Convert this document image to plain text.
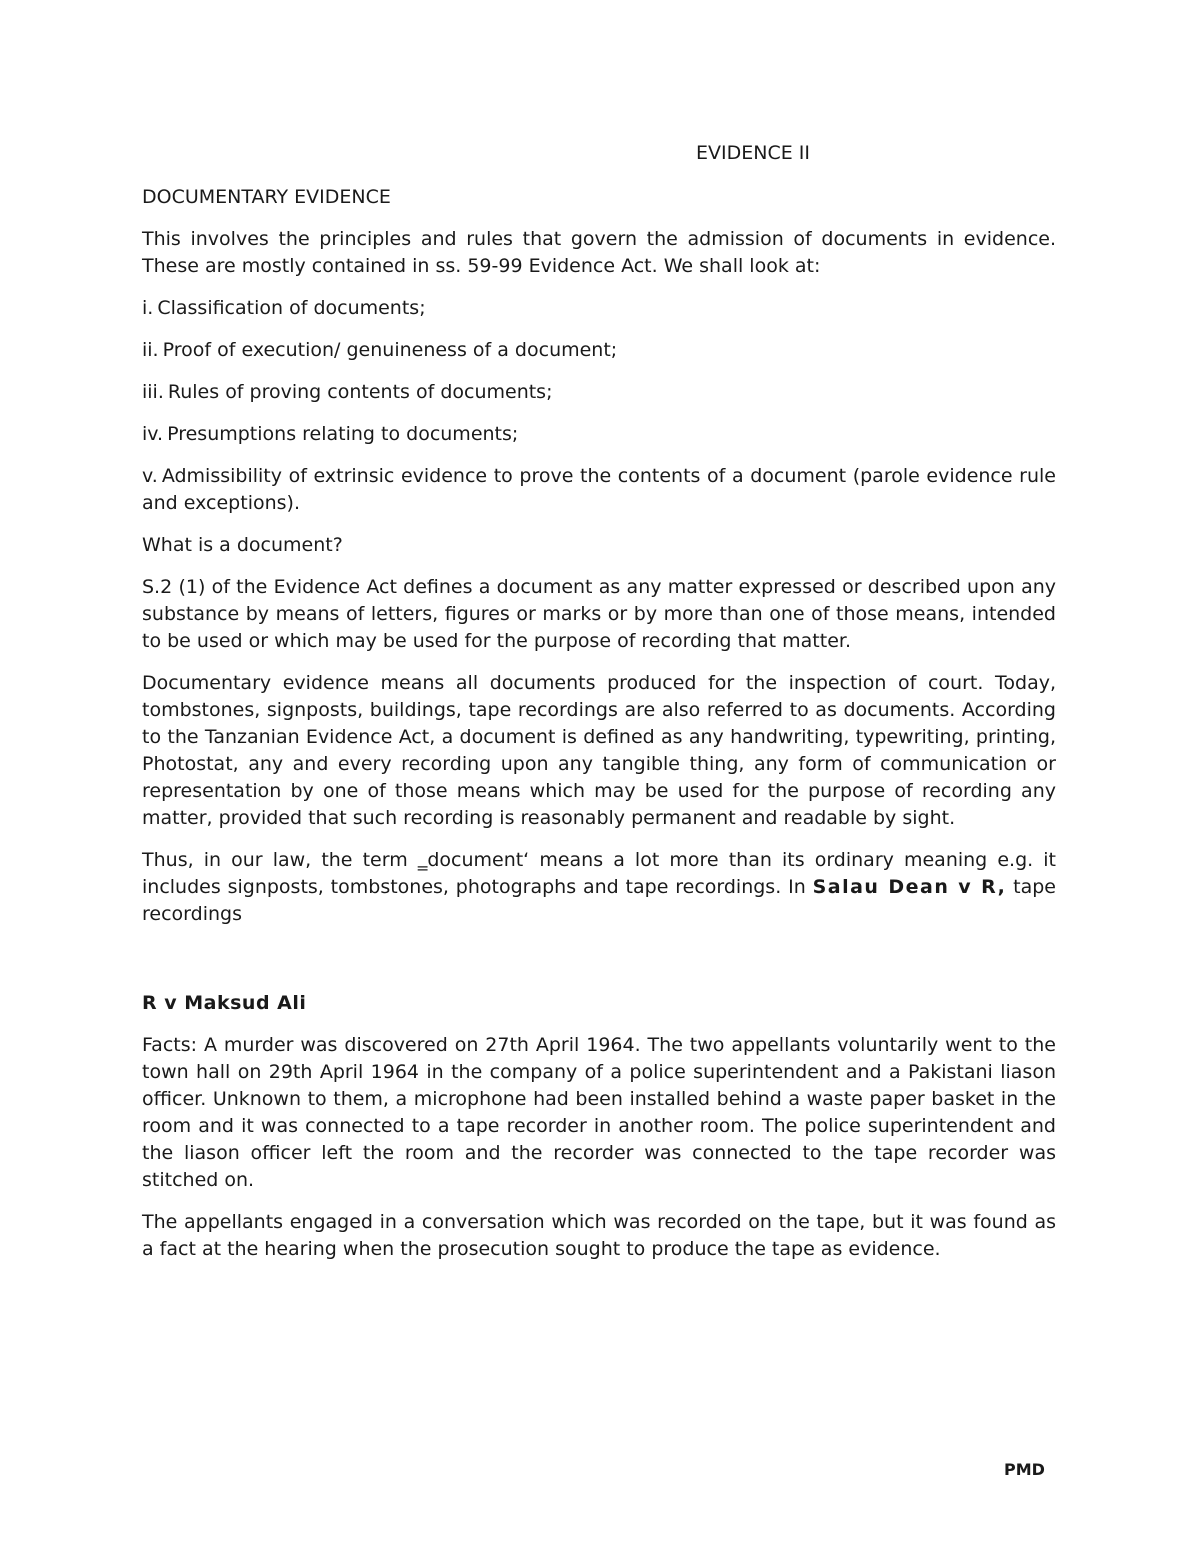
EVIDENCE II
DOCUMENTARY EVIDENCE

This involves the principles and rules that govern the admission of documents in evidence. These are mostly contained in ss. 59-99 Evidence Act. We shall look at:

i. Classification of documents;
ii. Proof of execution/ genuineness of a document;
iii. Rules of proving contents of documents;
iv. Presumptions relating to documents;
v. Admissibility of extrinsic evidence to prove the contents of a document (parole evidence rule and exceptions).

What is a document?

S.2 (1) of the Evidence Act defines a document as any matter expressed or described upon any substance by means of letters, figures or marks or by more than one of those means, intended to be used or which may be used for the purpose of recording that matter.

Documentary evidence means all documents produced for the inspection of court. Today, tombstones, signposts, buildings, tape recordings are also referred to as documents. According to the Tanzanian Evidence Act, a document is defined as any handwriting, typewriting, printing, Photostat, any and every recording upon any tangible thing, any form of communication or representation by one of those means which may be used for the purpose of recording any matter, provided that such recording is reasonably permanent and readable by sight.

Thus, in our law, the term ‗document‘ means a lot more than its ordinary meaning e.g. it includes signposts, tombstones, photographs and tape recordings. In Salau Dean v R, tape recordings

R v Maksud Ali

Facts: A murder was discovered on 27th April 1964. The two appellants voluntarily went to the town hall on 29th April 1964 in the company of a police superintendent and a Pakistani liason officer. Unknown to them, a microphone had been installed behind a waste paper basket in the room and it was connected to a tape recorder in another room. The police superintendent and the liason officer left the room and the recorder was connected to the tape recorder was stitched on.

The appellants engaged in a conversation which was recorded on the tape, but it was found as a fact at the hearing when the prosecution sought to produce the tape as evidence.

PMD
